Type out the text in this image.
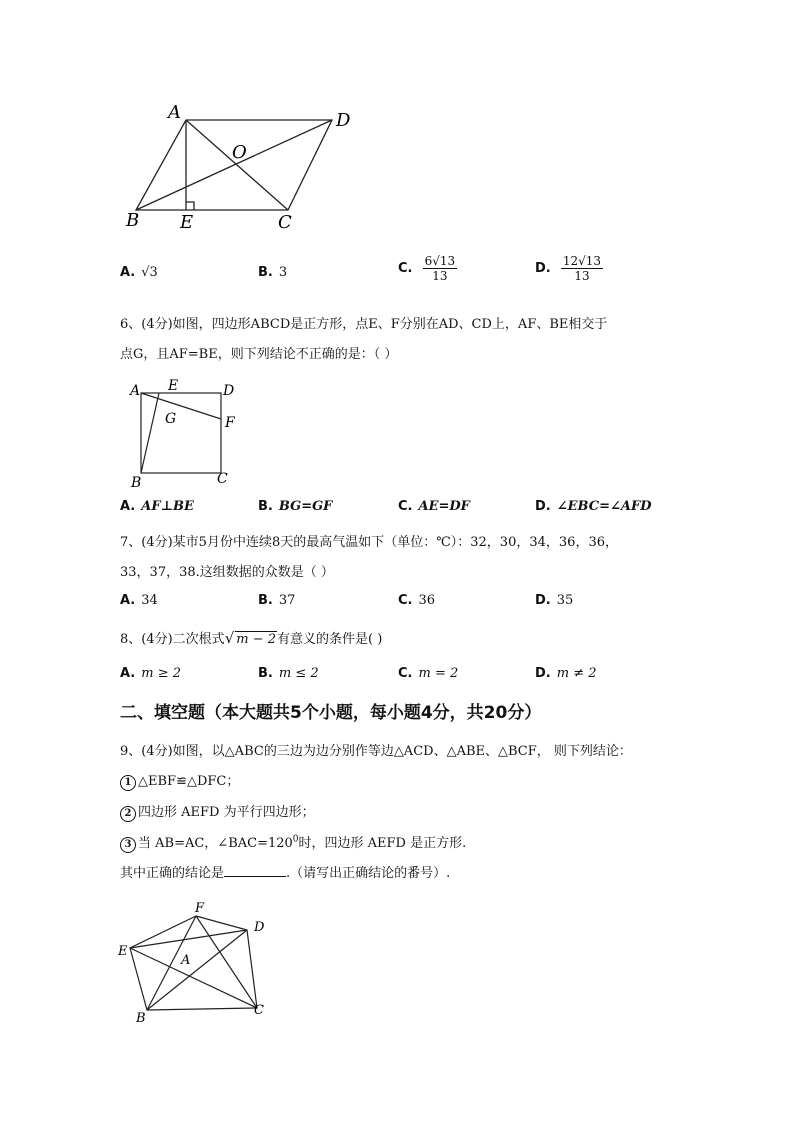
A	D
O
B E	C
A. √3	B. 3	C. $\frac{6√13}{13}$	D. $\frac{12√13}{13}$
6、(4分)如图，四边形ABCD是正方形，点E、F分别在AD、CD上，AF、BE相交于
点G，且AF=BE，则下列结论不正确的是：（ ）
A E	D
G	F
B	C
A. AF⊥BE	B. BG=GF	C. AE=DF	D. ∠EBC=∠AFD
7、(4分)某市5月份中连续8天的最高气温如下（单位：℃）：32，30，34，36，36，
33，37，38.这组数据的众数是（ ）
A. 34	B. 37	C. 36	D. 35
8、(4分)二次根式√ m − 2有意义的条件是( )
A. m ≥ 2	B. m ≤ 2	C. m = 2	D. m ≠ 2
二、填空题（本大题共5个小题，每小题4分，共20分）
9、(4分)如图，以△ABC的三边为边分别作等边△ACD、△ABE、△BCF， 则下列结论：
1 △EBF≌△DFC；
2 四边形 AEFD 为平行四边形；
3 当 AB=AC，$\angle BAC=120^0$时，四边形 AEFD 是正方形.
其中正确的结论是	.（请写出正确结论的番号）.
F
D
E
A
B
C
